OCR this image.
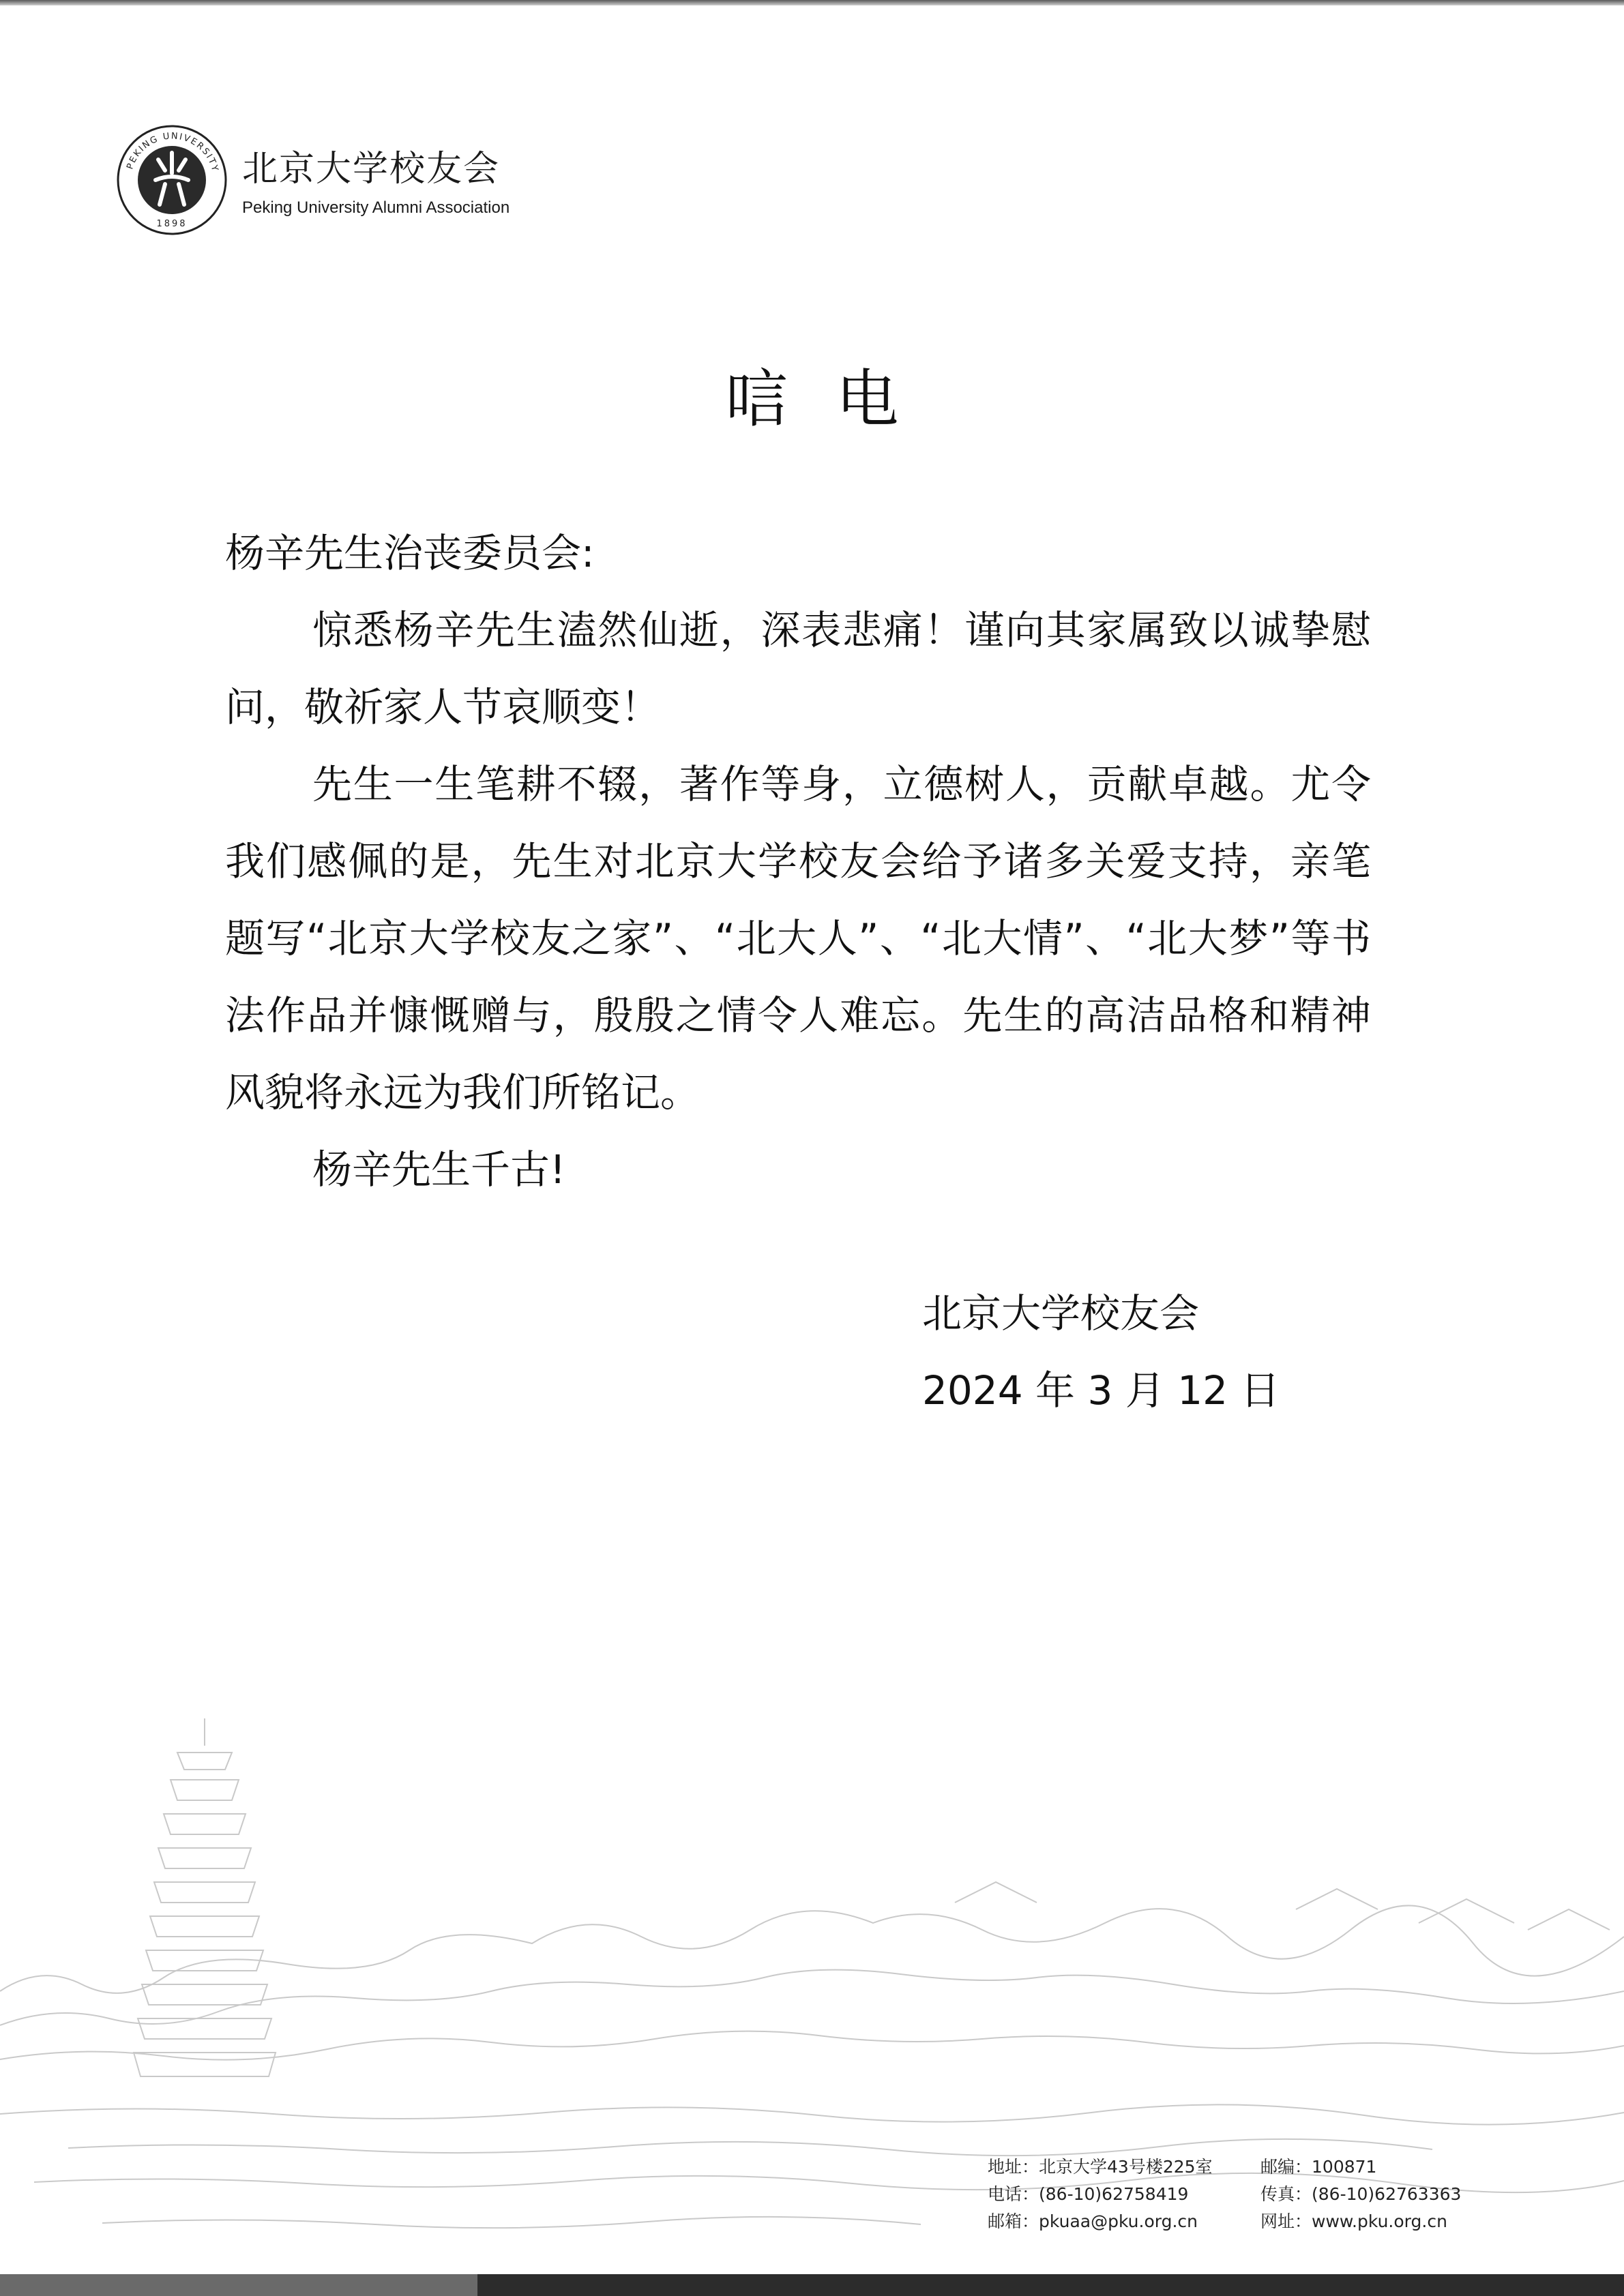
PEKING UNIVERSITY
1898
北京大学校友会
Peking University Alumni Association
唁电

杨辛先生治丧委员会:

惊悉杨辛先生溘然仙逝，深表悲痛！谨向其家属致以诚挚慰问，敬祈家人节哀顺变！

先生一生笔耕不辍，著作等身，立德树人，贡献卓越。尤令我们感佩的是，先生对北京大学校友会给予诸多关爱支持，亲笔题写“北京大学校友之家”、“北大人”、“北大情”、“北大梦”等书法作品并慷慨赠与，殷殷之情令人难忘。先生的高洁品格和精神风貌将永远为我们所铭记。

杨辛先生千古!

北京大学校友会
2024 年 3 月 12 日
地址：北京大学43号楼225室	邮编：100871
电话：(86-10)62758419	传真：(86-10)62763363
邮箱：pkuaa@pku.org.cn	网址：www.pku.org.cn
